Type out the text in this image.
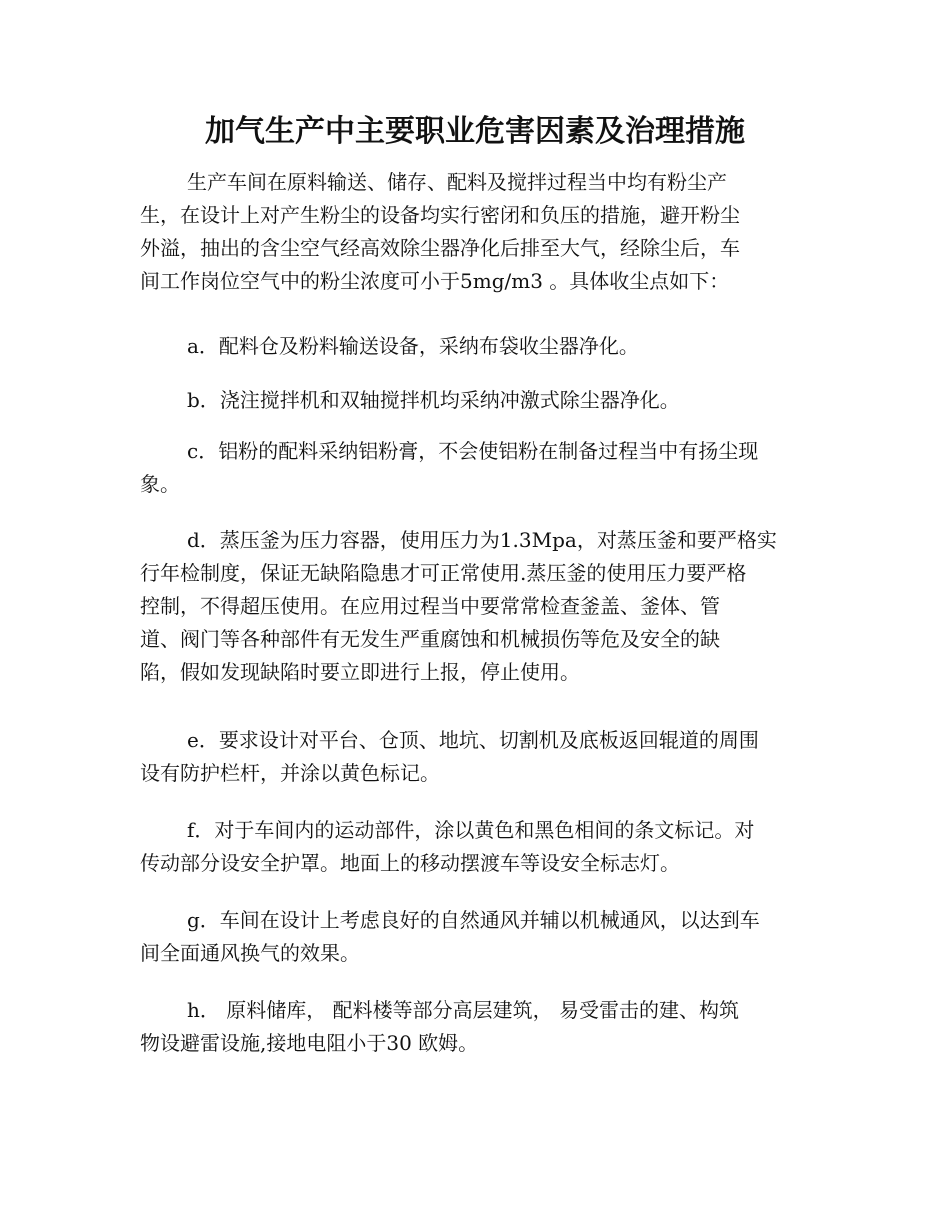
加气生产中主要职业危害因素及治理措施

生产车间在原料输送、储存、配料及搅拌过程当中均有粉尘产
生，在设计上对产生粉尘的设备均实行密闭和负压的措施，避开粉尘
外溢，抽出的含尘空气经高效除尘器净化后排至大气，经除尘后，车
间工作岗位空气中的粉尘浓度可小于5mg/m3 。具体收尘点如下：

a．配料仓及粉料输送设备，采纳布袋收尘器净化。

b．浇注搅拌机和双轴搅拌机均采纳冲激式除尘器净化。

c．铝粉的配料采纳铝粉膏，不会使铝粉在制备过程当中有扬尘现
象。

d．蒸压釜为压力容器，使用压力为1.3Mpa，对蒸压釜和要严格实
行年检制度，保证无缺陷隐患才可正常使用.蒸压釜的使用压力要严格
控制，不得超压使用。在应用过程当中要常常检查釜盖、釜体、管
道、阀门等各种部件有无发生严重腐蚀和机械损伤等危及安全的缺
陷，假如发现缺陷时要立即进行上报，停止使用。

e．要求设计对平台、仓顶、地坑、切割机及底板返回辊道的周围
设有防护栏杆，并涂以黄色标记。

f．对于车间内的运动部件，涂以黄色和黑色相间的条文标记。对
传动部分设安全护罩。地面上的移动摆渡车等设安全标志灯。

g．车间在设计上考虑良好的自然通风并辅以机械通风，以达到车
间全面通风换气的效果。

h． 原料储库， 配料楼等部分高层建筑， 易受雷击的建、构筑
物设避雷设施,接地电阻小于30 欧姆。
